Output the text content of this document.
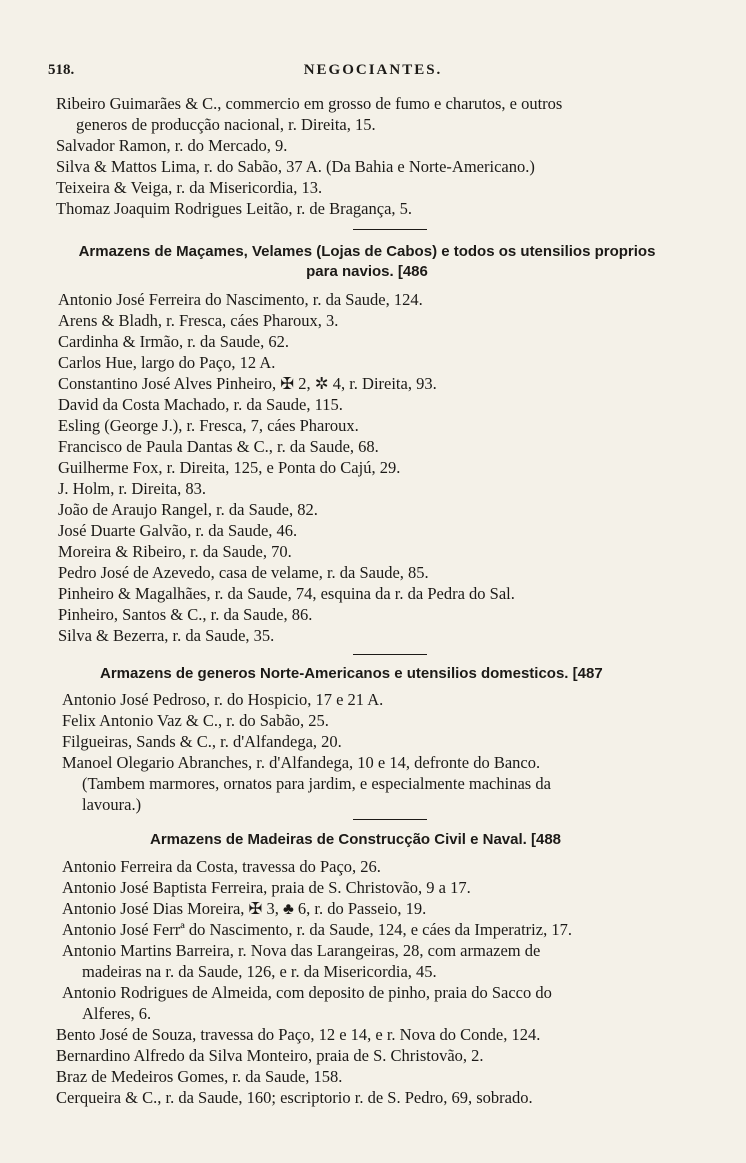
518.	NEGOCIANTES.
Ribeiro Guimarães & C., commercio em grosso de fumo e charutos, e outros
generos de producção nacional, r. Direita, 15.
Salvador Ramon, r. do Mercado, 9.
Silva & Mattos Lima, r. do Sabão, 37 A. (Da Bahia e Norte-Americano.)
Teixeira & Veiga, r. da Misericordia, 13.
Thomaz Joaquim Rodrigues Leitão, r. de Bragança, 5.
Armazens de Maçames, Velames (Lojas de Cabos) e todos os utensilios proprios
para navios. [486
Antonio José Ferreira do Nascimento, r. da Saude, 124.
Arens & Bladh, r. Fresca, cáes Pharoux, 3.
Cardinha & Irmão, r. da Saude, 62.
Carlos Hue, largo do Paço, 12 A.
Constantino José Alves Pinheiro, ✠ 2, ✲ 4, r. Direita, 93.
David da Costa Machado, r. da Saude, 115.
Esling (George J.), r. Fresca, 7, cáes Pharoux.
Francisco de Paula Dantas & C., r. da Saude, 68.
Guilherme Fox, r. Direita, 125, e Ponta do Cajú, 29.
J. Holm, r. Direita, 83.
João de Araujo Rangel, r. da Saude, 82.
José Duarte Galvão, r. da Saude, 46.
Moreira & Ribeiro, r. da Saude, 70.
Pedro José de Azevedo, casa de velame, r. da Saude, 85.
Pinheiro & Magalhães, r. da Saude, 74, esquina da r. da Pedra do Sal.
Pinheiro, Santos & C., r. da Saude, 86.
Silva & Bezerra, r. da Saude, 35.
Armazens de generos Norte-Americanos e utensilios domesticos. [487
Antonio José Pedroso, r. do Hospicio, 17 e 21 A.
Felix Antonio Vaz & C., r. do Sabão, 25.
Filgueiras, Sands & C., r. d'Alfandega, 20.
Manoel Olegario Abranches, r. d'Alfandega, 10 e 14, defronte do Banco.
(Tambem marmores, ornatos para jardim, e especialmente machinas da
lavoura.)
Armazens de Madeiras de Construcção Civil e Naval. [488
Antonio Ferreira da Costa, travessa do Paço, 26.
Antonio José Baptista Ferreira, praia de S. Christovão, 9 a 17.
Antonio José Dias Moreira, ✠ 3, ♣ 6, r. do Passeio, 19.
Antonio José Ferrª do Nascimento, r. da Saude, 124, e cáes da Imperatriz, 17.
Antonio Martins Barreira, r. Nova das Larangeiras, 28, com armazem de
madeiras na r. da Saude, 126, e r. da Misericordia, 45.
Antonio Rodrigues de Almeida, com deposito de pinho, praia do Sacco do
Alferes, 6.
Bento José de Souza, travessa do Paço, 12 e 14, e r. Nova do Conde, 124.
Bernardino Alfredo da Silva Monteiro, praia de S. Christovão, 2.
Braz de Medeiros Gomes, r. da Saude, 158.
Cerqueira & C., r. da Saude, 160; escriptorio r. de S. Pedro, 69, sobrado.
